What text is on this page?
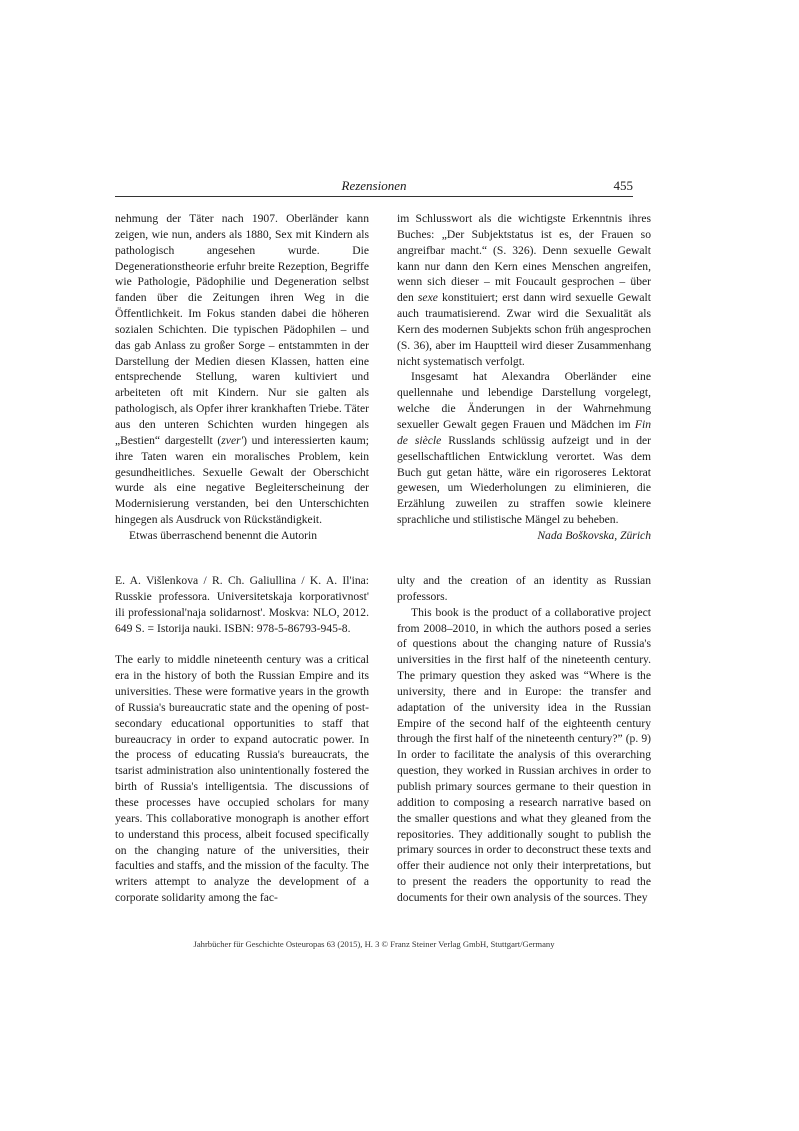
Rezensionen	455

nehmung der Täter nach 1907. Oberländer kann zeigen, wie nun, anders als 1880, Sex mit Kindern als pathologisch angesehen wurde. Die Degenerationstheorie erfuhr breite Rezeption, Begriffe wie Pathologie, Pädophilie und Degeneration selbst fanden über die Zeitungen ihren Weg in die Öffentlichkeit. Im Fokus standen dabei die höheren sozialen Schichten. Die typischen Pädophilen – und das gab Anlass zu großer Sorge – entstammten in der Darstellung der Medien diesen Klassen, hatten eine entsprechende Stellung, waren kultiviert und arbeiteten oft mit Kindern. Nur sie galten als pathologisch, als Opfer ihrer krankhaften Triebe. Täter aus den unteren Schichten wurden hingegen als „Bestien“ dargestellt (zver') und interessierten kaum; ihre Taten waren ein moralisches Problem, kein gesundheitliches. Sexuelle Gewalt der Oberschicht wurde als eine negative Begleiterscheinung der Modernisierung verstanden, bei den Unterschichten hingegen als Ausdruck von Rückständigkeit.

Etwas überraschend benennt die Autorin

im Schlusswort als die wichtigste Erkenntnis ihres Buches: „Der Subjektstatus ist es, der Frauen so angreifbar macht.“ (S. 326). Denn sexuelle Gewalt kann nur dann den Kern eines Menschen angreifen, wenn sich dieser – mit Foucault gesprochen – über den sexe konstituiert; erst dann wird sexuelle Gewalt auch traumatisierend. Zwar wird die Sexualität als Kern des modernen Subjekts schon früh angesprochen (S. 36), aber im Hauptteil wird dieser Zusammenhang nicht systematisch verfolgt.

Insgesamt hat Alexandra Oberländer eine quellennahe und lebendige Darstellung vorgelegt, welche die Änderungen in der Wahrnehmung sexueller Gewalt gegen Frauen und Mädchen im Fin de siècle Russlands schlüssig aufzeigt und in der gesellschaftlichen Entwicklung verortet. Was dem Buch gut getan hätte, wäre ein rigoroseres Lektorat gewesen, um Wiederholungen zu eliminieren, die Erzählung zuweilen zu straffen sowie kleinere sprachliche und stilistische Mängel zu beheben.

Nada Boškovska, Zürich

E. A. Višlenkova / R. Ch. Galiullina / K. A. Il'ina: Russkie professora. Universitetskaja korporativnost' ili professional'naja solidarnost'. Moskva: NLO, 2012. 649 S. = Istorija nauki. ISBN: 978-5-86793-945-8.

The early to middle nineteenth century was a critical era in the history of both the Russian Empire and its universities. These were formative years in the growth of Russia's bureaucratic state and the opening of post-secondary educational opportunities to staff that bureaucracy in order to expand autocratic power. In the process of educating Russia's bureaucrats, the tsarist administration also unintentionally fostered the birth of Russia's intelligentsia. The discussions of these processes have occupied scholars for many years. This collaborative monograph is another effort to understand this process, albeit focused specifically on the changing nature of the universities, their faculties and staffs, and the mission of the faculty. The writers attempt to analyze the development of a corporate solidarity among the fac-

ulty and the creation of an identity as Russian professors.

This book is the product of a collaborative project from 2008–2010, in which the authors posed a series of questions about the changing nature of Russia's universities in the first half of the nineteenth century. The primary question they asked was “Where is the university, there and in Europe: the transfer and adaptation of the university idea in the Russian Empire of the second half of the eighteenth century through the first half of the nineteenth century?” (p. 9) In order to facilitate the analysis of this overarching question, they worked in Russian archives in order to publish primary sources germane to their question in addition to composing a research narrative based on the smaller questions and what they gleaned from the repositories. They additionally sought to publish the primary sources in order to deconstruct these texts and offer their audience not only their interpretations, but to present the readers the opportunity to read the documents for their own analysis of the sources. They

Jahrbücher für Geschichte Osteuropas 63 (2015), H. 3 © Franz Steiner Verlag GmbH, Stuttgart/Germany
